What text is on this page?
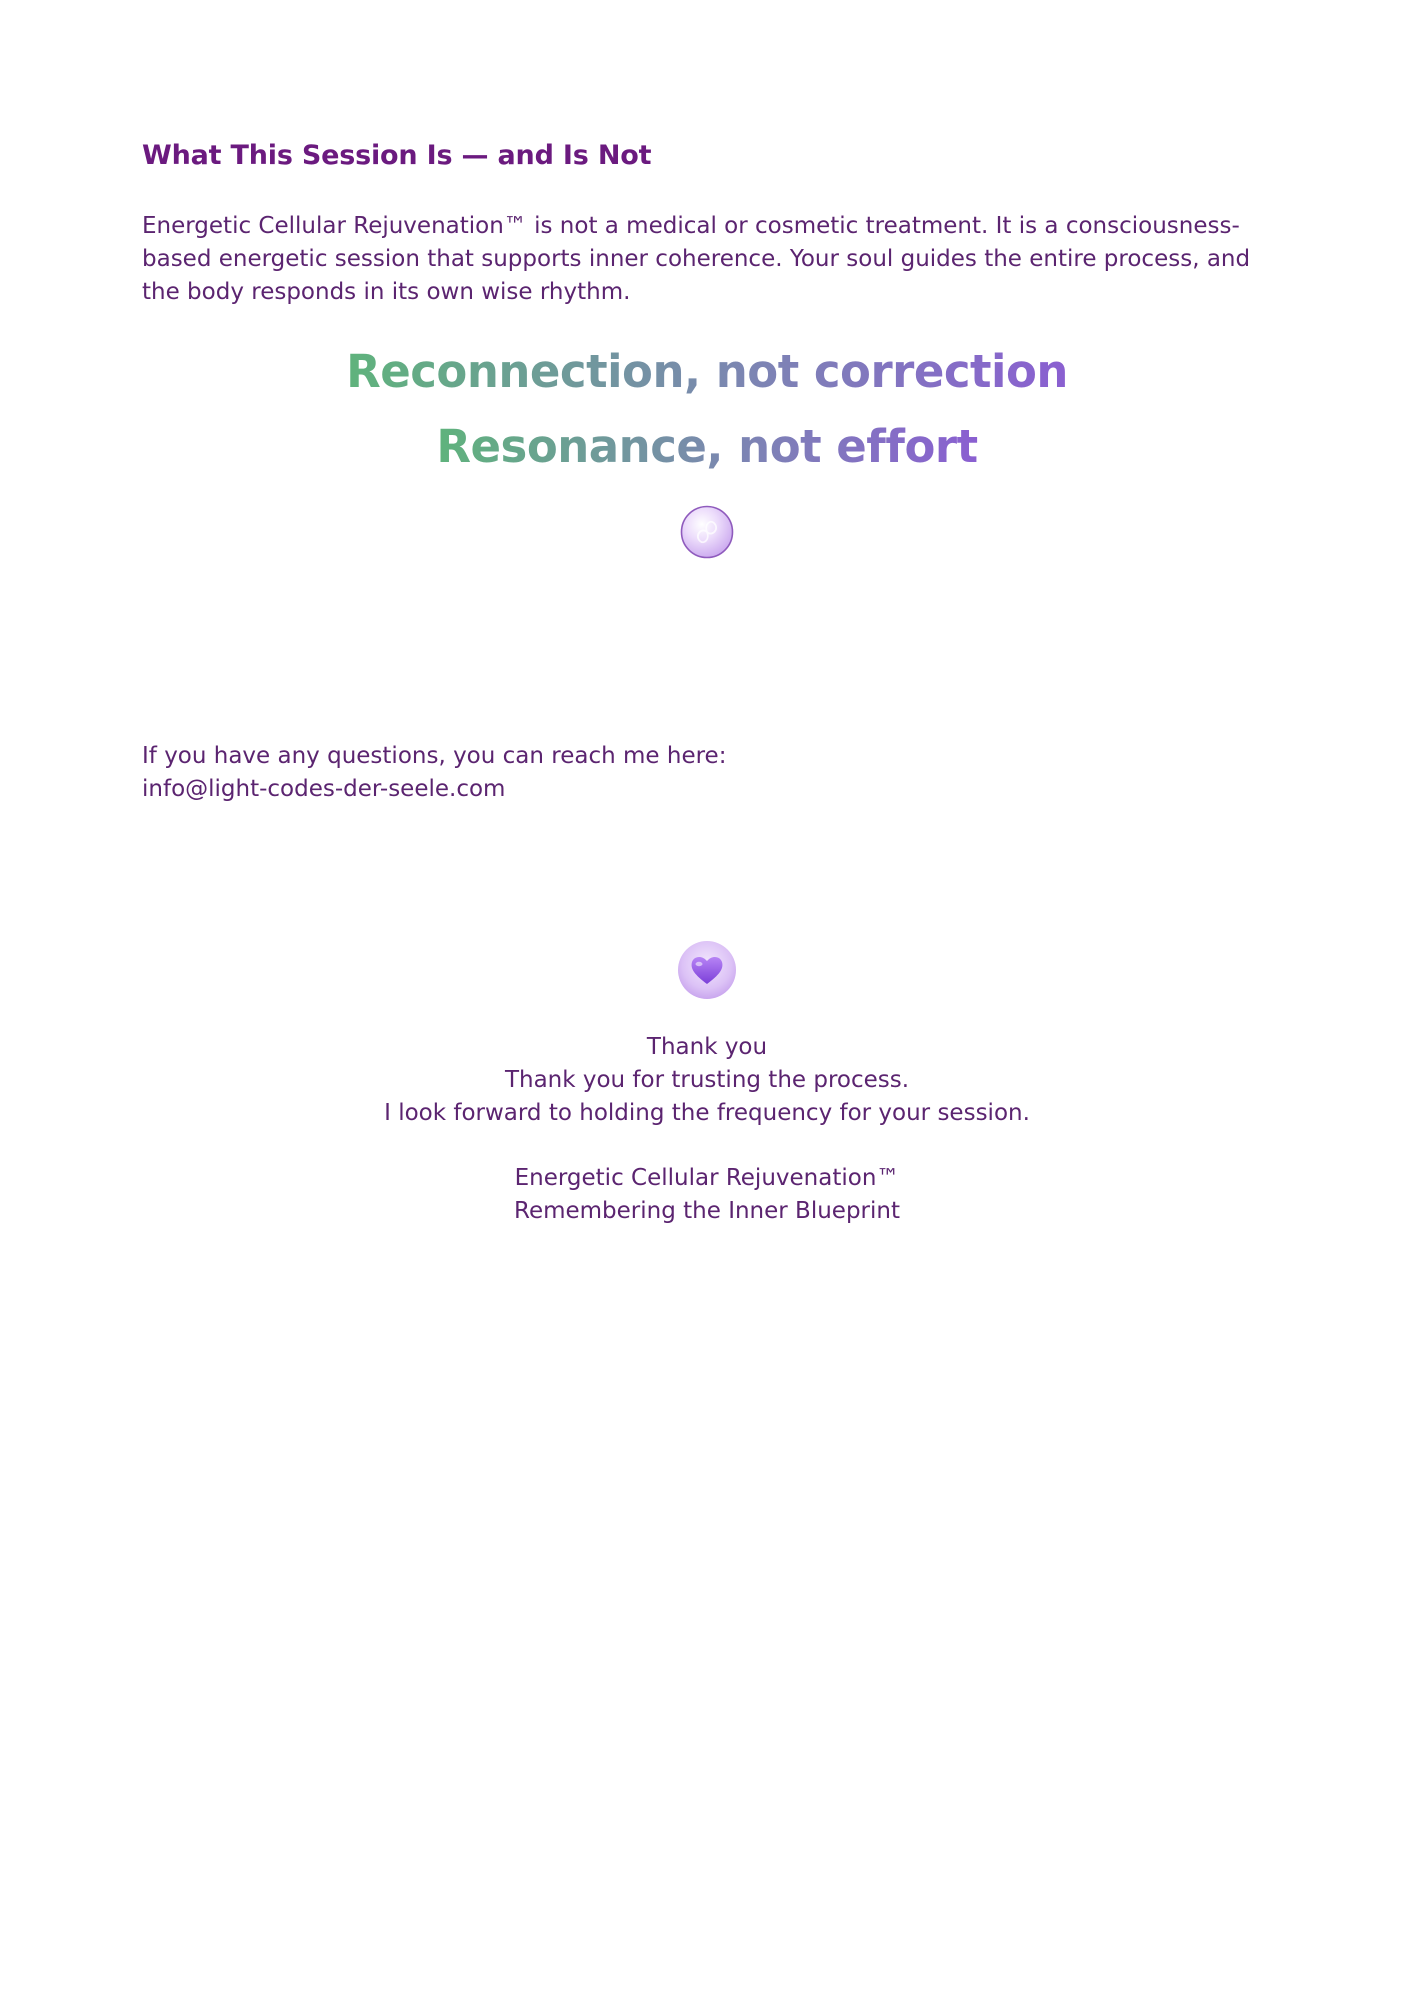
What This Session Is — and Is Not

Energetic Cellular Rejuvenation™ is not a medical or cosmetic treatment. It is a consciousness-based energetic session that supports inner coherence. Your soul guides the entire process, and the body responds in its own wise rhythm.

Reconnection, not correction

Resonance, not effort

If you have any questions, you can reach me here:
info@light-codes-der-seele.com

Thank you
Thank you for trusting the process.
I look forward to holding the frequency for your session.

Energetic Cellular Rejuvenation™
Remembering the Inner Blueprint
